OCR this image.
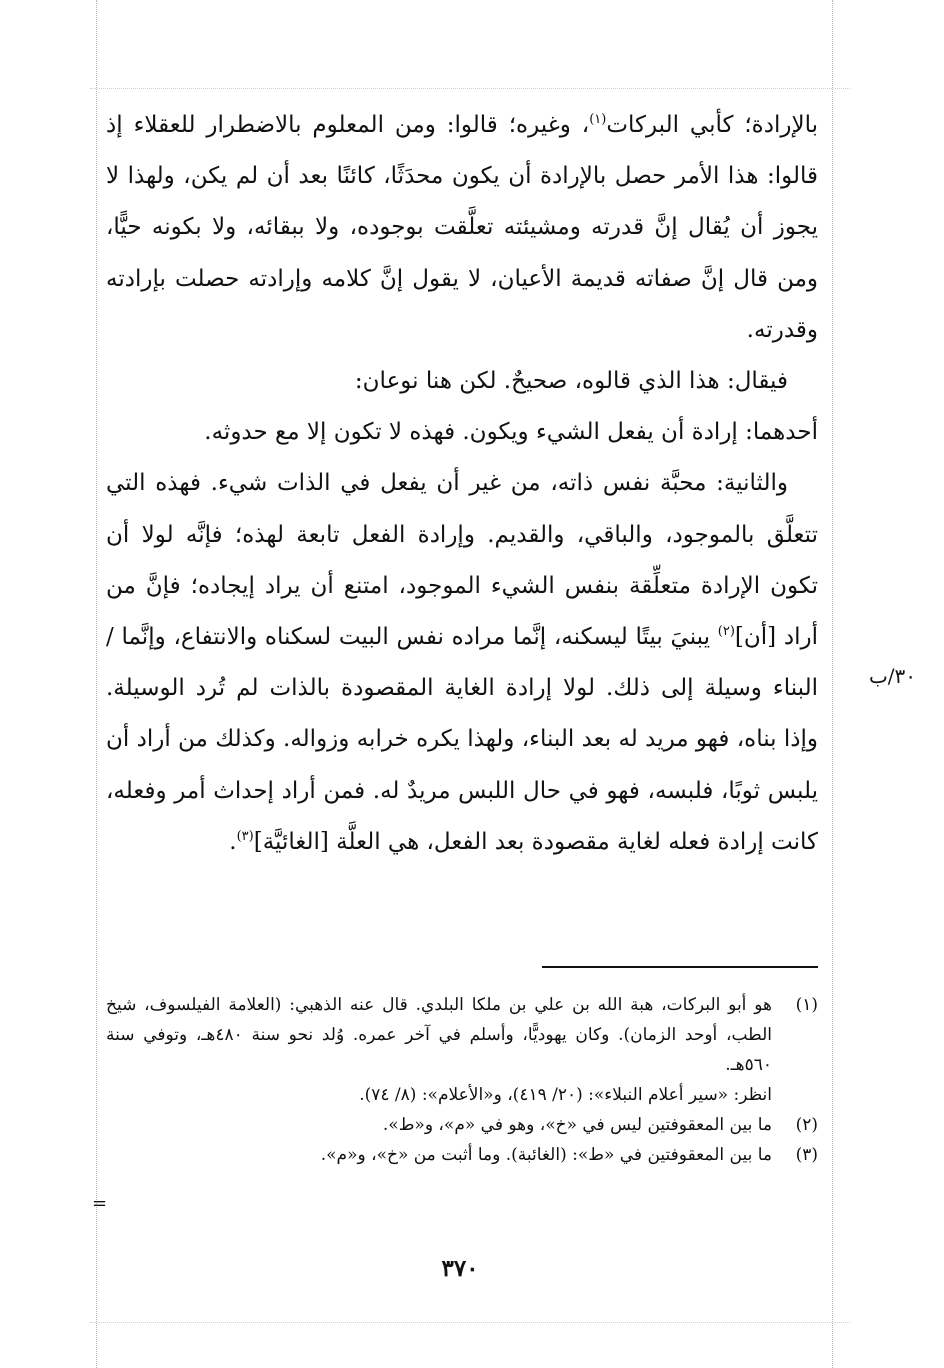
بالإرادة؛ كأبي البركات$^{(١)}$، وغيره؛ قالوا: ومن المعلوم بالاضطرار للعقلاء إذ قالوا: هذا الأمر حصل بالإرادة أن يكون محدَثًا، كائنًا بعد أن لم يكن، ولهذا لا يجوز أن يُقال إنَّ قدرته ومشيئته تعلَّقت بوجوده، ولا ببقائه، ولا بكونه حيًّا، ومن قال إنَّ صفاته قديمة الأعيان، لا يقول إنَّ كلامه وإرادته حصلت بإرادته وقدرته.

فيقال: هذا الذي قالوه، صحيحٌ. لكن هنا نوعان:

أحدهما: إرادة أن يفعل الشيء ويكون. فهذه لا تكون إلا مع حدوثه.

والثانية: محبَّة نفس ذاته، من غير أن يفعل في الذات شيء. فهذه التي تتعلَّق بالموجود، والباقي، والقديم. وإرادة الفعل تابعة لهذه؛ فإنَّه لولا أن تكون الإرادة متعلِّقة بنفس الشيء الموجود، امتنع أن يراد إيجاده؛ فإنَّ من أراد [أن]$^{(٢)}$ يبنيَ بيتًا ليسكنه، إنَّما مراده نفس البيت لسكناه والانتفاع، وإنَّما / البناء وسيلة إلى ذلك. لولا إرادة الغاية المقصودة بالذات لم تُرد الوسيلة. وإذا بناه، فهو مريد له بعد البناء، ولهذا يكره خرابه وزواله. وكذلك من أراد أن يلبس ثوبًا، فلبسه، فهو في حال اللبس مريدٌ له. فمن أراد إحداث أمر وفعله، كانت إرادة فعله لغاية مقصودة بعد الفعل، هي العلَّة [الغائيَّة]$^{(٣)}$.

٣٠/ب
(١)
هو أبو البركات، هبة الله بن علي بن ملكا البلدي. قال عنه الذهبي: (العلامة الفيلسوف، شيخ الطب، أوحد الزمان). وكان يهوديًّا، وأسلم في آخر عمره. وُلد نحو سنة ٤٨٠هـ، وتوفي سنة ٥٦٠هـ.
انظر: «سير أعلام النبلاء»: (٢٠/ ٤١٩)، و«الأعلام»: (٨/ ٧٤).
(٢)
ما بين المعقوفتين ليس في «خ»، وهو في «م»، و«ط».
(٣)
ما بين المعقوفتين في «ط»: (الغائبة). وما أثبت من «خ»، و«م».
=
٣٧٠
